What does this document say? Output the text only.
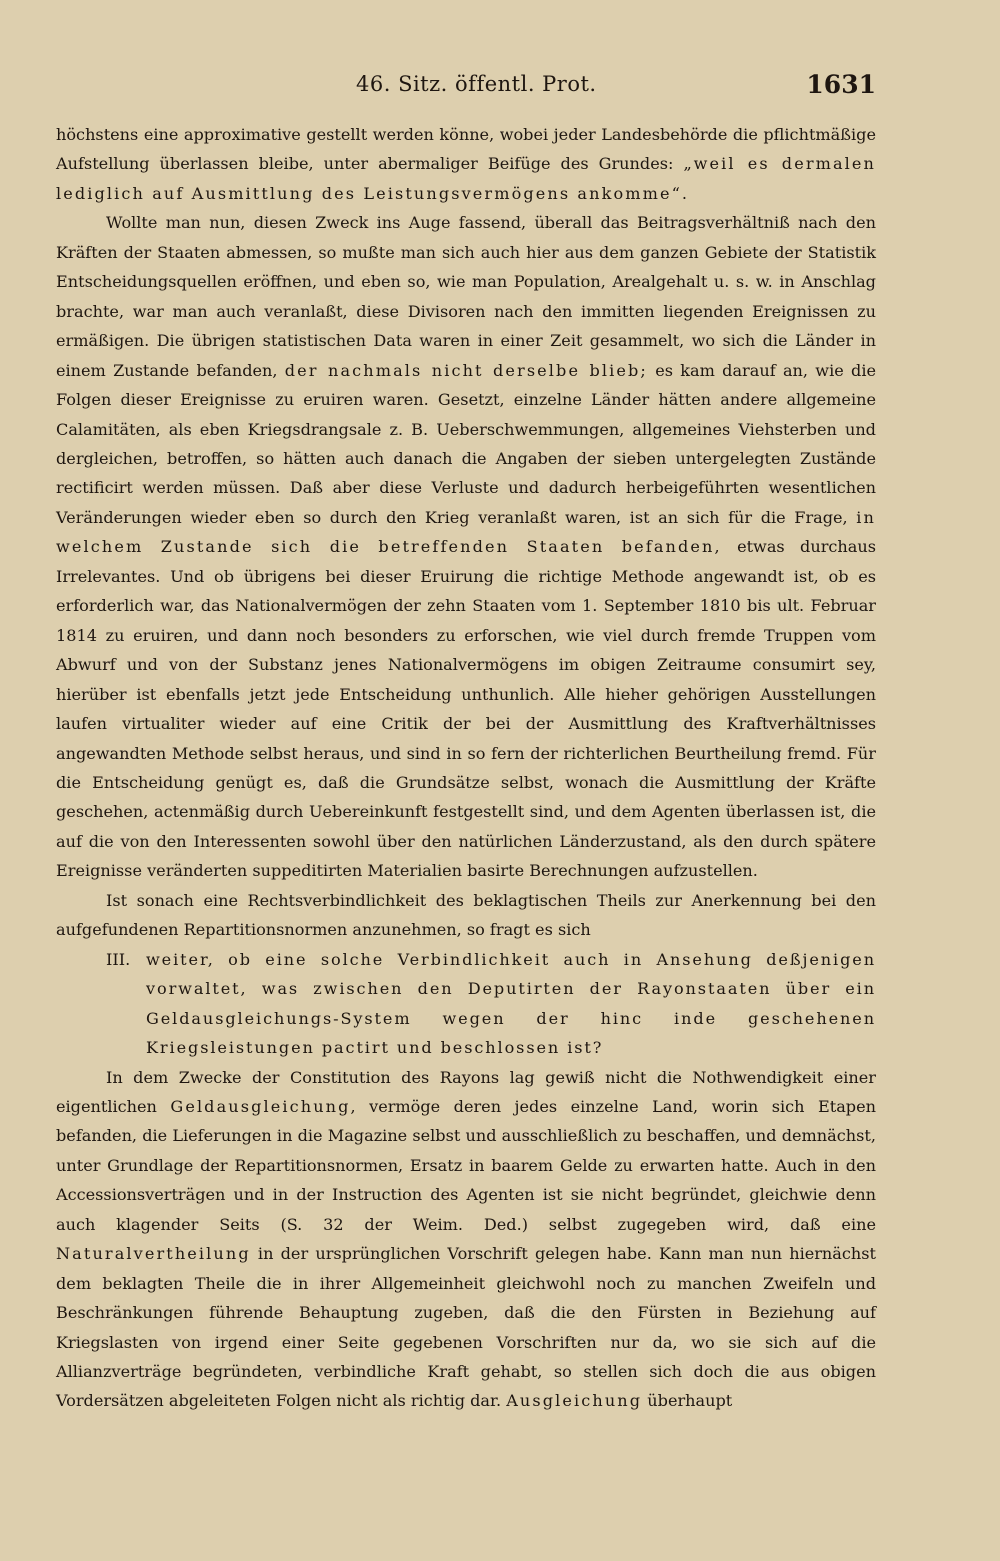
46. Sitz. öffentl. Prot.	1631

höchstens eine approximative gestellt werden könne, wobei jeder Landesbehörde die pflichtmäßige Aufstellung überlassen bleibe, unter abermaliger Beifüge des Grundes: „weil es dermalen lediglich auf Ausmittlung des Leistungsvermögens ankomme“.

Wollte man nun, diesen Zweck ins Auge fassend, überall das Beitragsverhältniß nach den Kräften der Staaten abmessen, so mußte man sich auch hier aus dem ganzen Gebiete der Statistik Entscheidungsquellen eröffnen, und eben so, wie man Population, Arealgehalt u. s. w. in Anschlag brachte, war man auch veranlaßt, diese Divisoren nach den immitten liegenden Ereignissen zu ermäßigen. Die übrigen statistischen Data waren in einer Zeit gesammelt, wo sich die Länder in einem Zustande befanden, der nachmals nicht derselbe blieb; es kam darauf an, wie die Folgen dieser Ereignisse zu eruiren waren. Gesetzt, einzelne Länder hätten andere allgemeine Calamitäten, als eben Kriegsdrangsale z. B. Ueberschwemmungen, allgemeines Viehsterben und dergleichen, betroffen, so hätten auch danach die Angaben der sieben untergelegten Zustände rectificirt werden müssen. Daß aber diese Verluste und dadurch herbeigeführten wesentlichen Veränderungen wieder eben so durch den Krieg veranlaßt waren, ist an sich für die Frage, in welchem Zustande sich die betreffenden Staaten befanden, etwas durchaus Irrelevantes. Und ob übrigens bei dieser Eruirung die richtige Methode angewandt ist, ob es erforderlich war, das Nationalvermögen der zehn Staaten vom 1. September 1810 bis ult. Februar 1814 zu eruiren, und dann noch besonders zu erforschen, wie viel durch fremde Truppen vom Abwurf und von der Substanz jenes Nationalvermögens im obigen Zeitraume consumirt sey, hierüber ist ebenfalls jetzt jede Entscheidung unthunlich. Alle hieher gehörigen Ausstellungen laufen virtualiter wieder auf eine Critik der bei der Ausmittlung des Kraftverhältnisses angewandten Methode selbst heraus, und sind in so fern der richterlichen Beurtheilung fremd. Für die Entscheidung genügt es, daß die Grundsätze selbst, wonach die Ausmittlung der Kräfte geschehen, actenmäßig durch Uebereinkunft festgestellt sind, und dem Agenten überlassen ist, die auf die von den Interessenten sowohl über den natürlichen Länderzustand, als den durch spätere Ereignisse veränderten suppeditirten Materialien basirte Berechnungen aufzustellen.

Ist sonach eine Rechtsverbindlichkeit des beklagtischen Theils zur Anerkennung bei den aufgefundenen Repartitionsnormen anzunehmen, so fragt es sich

III. weiter, ob eine solche Verbindlichkeit auch in Ansehung deßjenigen vorwaltet, was zwischen den Deputirten der Rayonstaaten über ein Geldausgleichungs-System wegen der hinc inde geschehenen Kriegsleistungen pactirt und beschlossen ist?

In dem Zwecke der Constitution des Rayons lag gewiß nicht die Nothwendigkeit einer eigentlichen Geldausgleichung, vermöge deren jedes einzelne Land, worin sich Etapen befanden, die Lieferungen in die Magazine selbst und ausschließlich zu beschaffen, und demnächst, unter Grundlage der Repartitionsnormen, Ersatz in baarem Gelde zu erwarten hatte. Auch in den Accessionsverträgen und in der Instruction des Agenten ist sie nicht begründet, gleichwie denn auch klagender Seits (S. 32 der Weim. Ded.) selbst zugegeben wird, daß eine Naturalvertheilung in der ursprünglichen Vorschrift gelegen habe. Kann man nun hiernächst dem beklagten Theile die in ihrer Allgemeinheit gleichwohl noch zu manchen Zweifeln und Beschränkungen führende Behauptung zugeben, daß die den Fürsten in Beziehung auf Kriegslasten von irgend einer Seite gegebenen Vorschriften nur da, wo sie sich auf die Allianzverträge begründeten, verbindliche Kraft gehabt, so stellen sich doch die aus obigen Vordersätzen abgeleiteten Folgen nicht als richtig dar. Ausgleichung überhaupt
